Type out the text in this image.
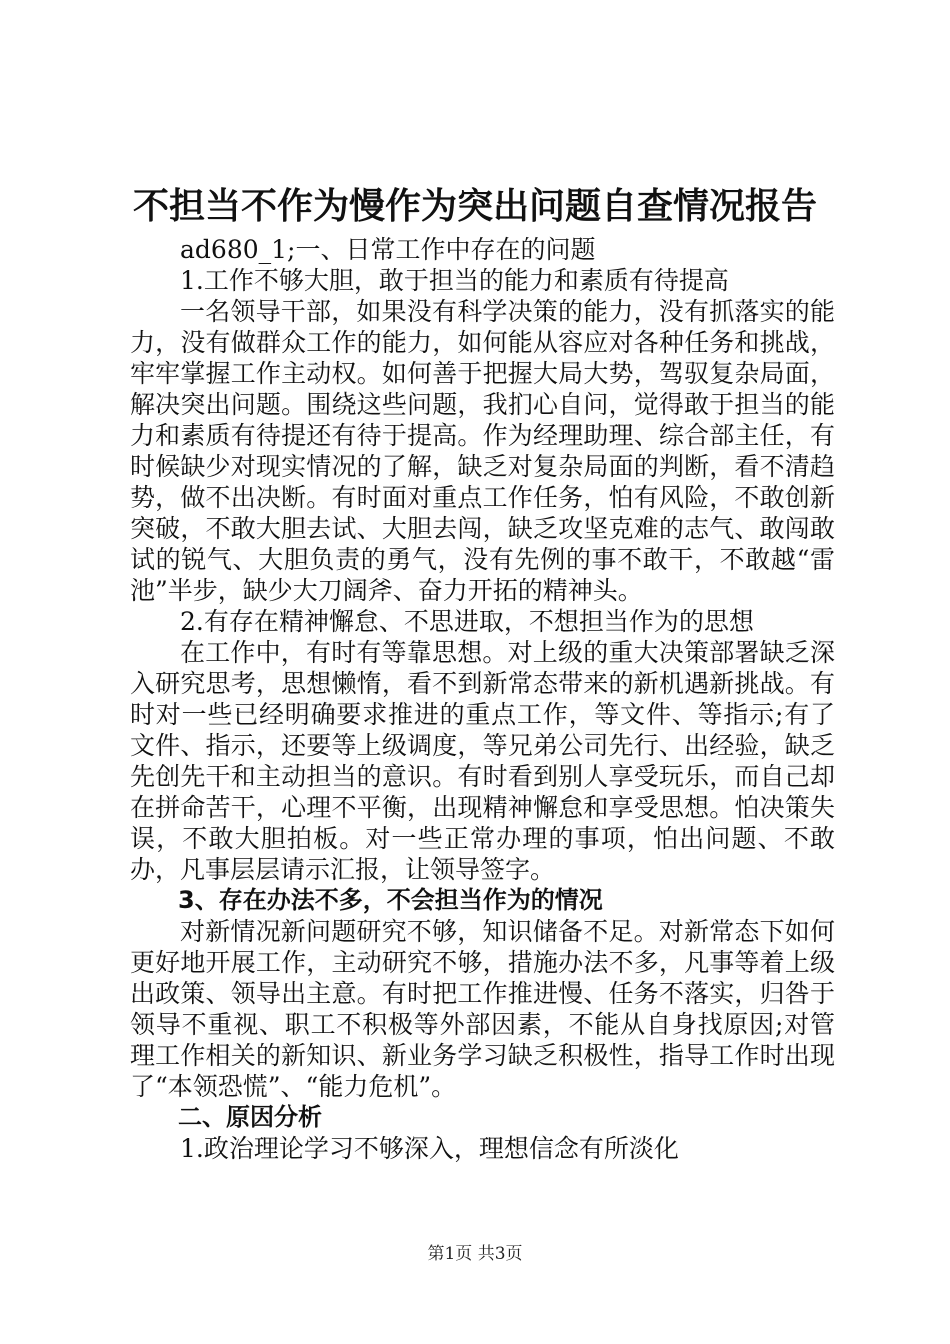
不担当不作为慢作为突出问题自查情况报告

ad680_1;一、日常工作中存在的问题

1.工作不够大胆，敢于担当的能力和素质有待提高

一名领导干部，如果没有科学决策的能力，没有抓落实的能力，没有做群众工作的能力，如何能从容应对各种任务和挑战，牢牢掌握工作主动权。如何善于把握大局大势，驾驭复杂局面，解决突出问题。围绕这些问题，我扪心自问，觉得敢于担当的能力和素质有待提还有待于提高。作为经理助理、综合部主任，有时候缺少对现实情况的了解，缺乏对复杂局面的判断，看不清趋势，做不出决断。有时面对重点工作任务，怕有风险，不敢创新突破，不敢大胆去试、大胆去闯，缺乏攻坚克难的志气、敢闯敢试的锐气、大胆负责的勇气，没有先例的事不敢干，不敢越“雷池”半步，缺少大刀阔斧、奋力开拓的精神头。

2.有存在精神懈怠、不思进取，不想担当作为的思想

在工作中，有时有等靠思想。对上级的重大决策部署缺乏深入研究思考，思想懒惰，看不到新常态带来的新机遇新挑战。有时对一些已经明确要求推进的重点工作，等文件、等指示;有了文件、指示，还要等上级调度，等兄弟公司先行、出经验，缺乏先创先干和主动担当的意识。有时看到别人享受玩乐，而自己却在拼命苦干，心理不平衡，出现精神懈怠和享受思想。怕决策失误，不敢大胆拍板。对一些正常办理的事项，怕出问题、不敢办，凡事层层请示汇报，让领导签字。

3、存在办法不多，不会担当作为的情况

对新情况新问题研究不够，知识储备不足。对新常态下如何更好地开展工作，主动研究不够，措施办法不多，凡事等着上级出政策、领导出主意。有时把工作推进慢、任务不落实，归咎于领导不重视、职工不积极等外部因素，不能从自身找原因;对管理工作相关的新知识、新业务学习缺乏积极性，指导工作时出现了“本领恐慌”、“能力危机”。

二、原因分析

1.政治理论学习不够深入，理想信念有所淡化

第1页 共3页
